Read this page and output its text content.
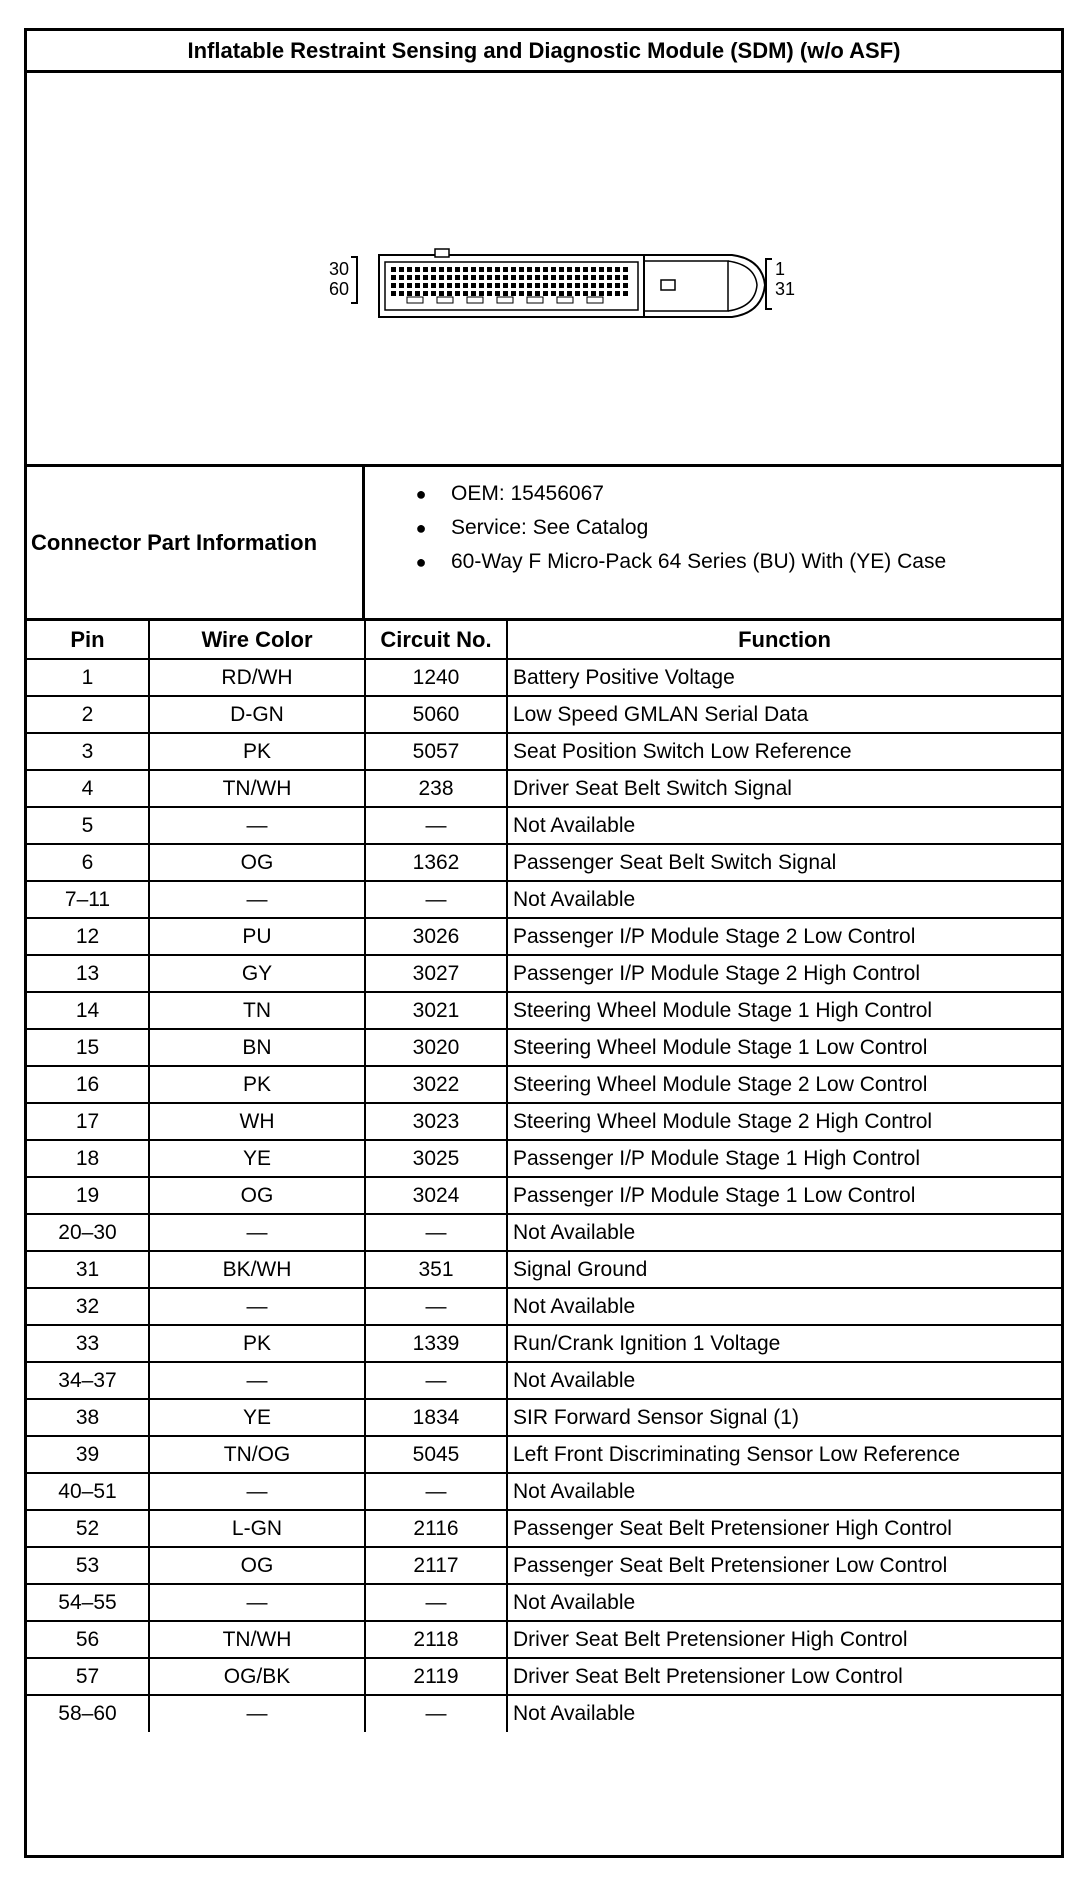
Inflatable Restraint Sensing and Diagnostic Module (SDM) (w/o ASF)
30
60
1
31
Connector Part Information
●	OEM: 15456067
●	Service: See Catalog
●	60-Way F Micro-Pack 64 Series (BU) With (YE) Case
Pin	Wire Color	Circuit No.	Function
1	RD/WH	1240	Battery Positive Voltage
2	D-GN	5060	Low Speed GMLAN Serial Data
3	PK	5057	Seat Position Switch Low Reference
4	TN/WH	238	Driver Seat Belt Switch Signal
5	—	—	Not Available
6	OG	1362	Passenger Seat Belt Switch Signal
7–11	—	—	Not Available
12	PU	3026	Passenger I/P Module Stage 2 Low Control
13	GY	3027	Passenger I/P Module Stage 2 High Control
14	TN	3021	Steering Wheel Module Stage 1 High Control
15	BN	3020	Steering Wheel Module Stage 1 Low Control
16	PK	3022	Steering Wheel Module Stage 2 Low Control
17	WH	3023	Steering Wheel Module Stage 2 High Control
18	YE	3025	Passenger I/P Module Stage 1 High Control
19	OG	3024	Passenger I/P Module Stage 1 Low Control
20–30	—	—	Not Available
31	BK/WH	351	Signal Ground
32	—	—	Not Available
33	PK	1339	Run/Crank Ignition 1 Voltage
34–37	—	—	Not Available
38	YE	1834	SIR Forward Sensor Signal (1)
39	TN/OG	5045	Left Front Discriminating Sensor Low Reference
40–51	—	—	Not Available
52	L-GN	2116	Passenger Seat Belt Pretensioner High Control
53	OG	2117	Passenger Seat Belt Pretensioner Low Control
54–55	—	—	Not Available
56	TN/WH	2118	Driver Seat Belt Pretensioner High Control
57	OG/BK	2119	Driver Seat Belt Pretensioner Low Control
58–60	—	—	Not Available
